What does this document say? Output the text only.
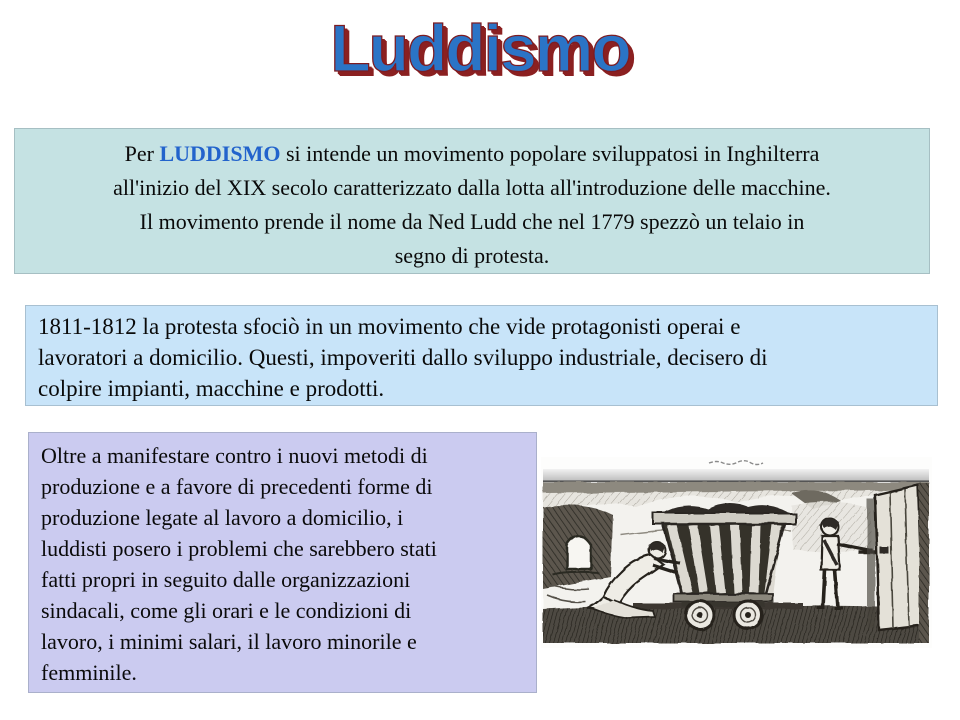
Luddismo
Per LUDDISMO si intende un movimento popolare sviluppatosi in Inghilterra
all'inizio del XIX secolo caratterizzato dalla lotta all'introduzione delle macchine.
Il movimento prende il nome da Ned Ludd che nel 1779 spezzò un telaio in
segno di protesta.
1811-1812 la protesta sfociò in un movimento che vide protagonisti operai e
lavoratori a domicilio. Questi, impoveriti dallo sviluppo industriale, decisero di
colpire impianti, macchine e prodotti.
Oltre a manifestare contro i nuovi metodi di
produzione e a favore di precedenti forme di
produzione legate al lavoro a domicilio, i
luddisti posero i problemi che sarebbero stati
fatti propri in seguito dalle organizzazioni
sindacali, come gli orari e le condizioni di
lavoro, i minimi salari, il lavoro minorile e
femminile.
